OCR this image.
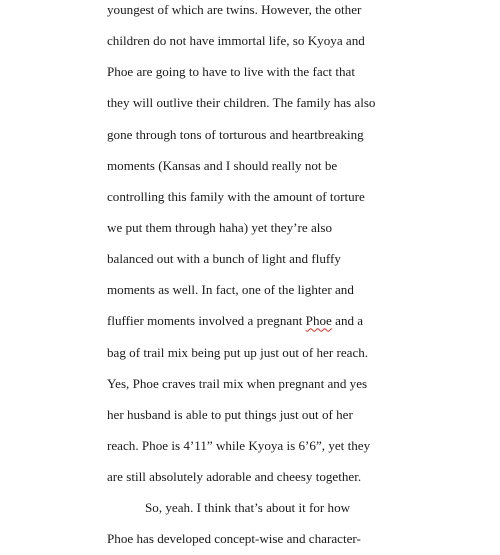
youngest of which are twins. However, the other
children do not have immortal life, so Kyoya and
Phoe are going to have to live with the fact that
they will outlive their children. The family has also
gone through tons of torturous and heartbreaking
moments (Kansas and I should really not be
controlling this family with the amount of torture
we put them through haha) yet they’re also
balanced out with a bunch of light and fluffy
moments as well. In fact, one of the lighter and
fluffier moments involved a pregnant Phoe and a
bag of trail mix being put up just out of her reach.
Yes, Phoe craves trail mix when pregnant and yes
her husband is able to put things just out of her
reach. Phoe is 4’11” while Kyoya is 6’6”, yet they
are still absolutely adorable and cheesy together.
So, yeah. I think that’s about it for how
Phoe has developed concept-wise and character-
